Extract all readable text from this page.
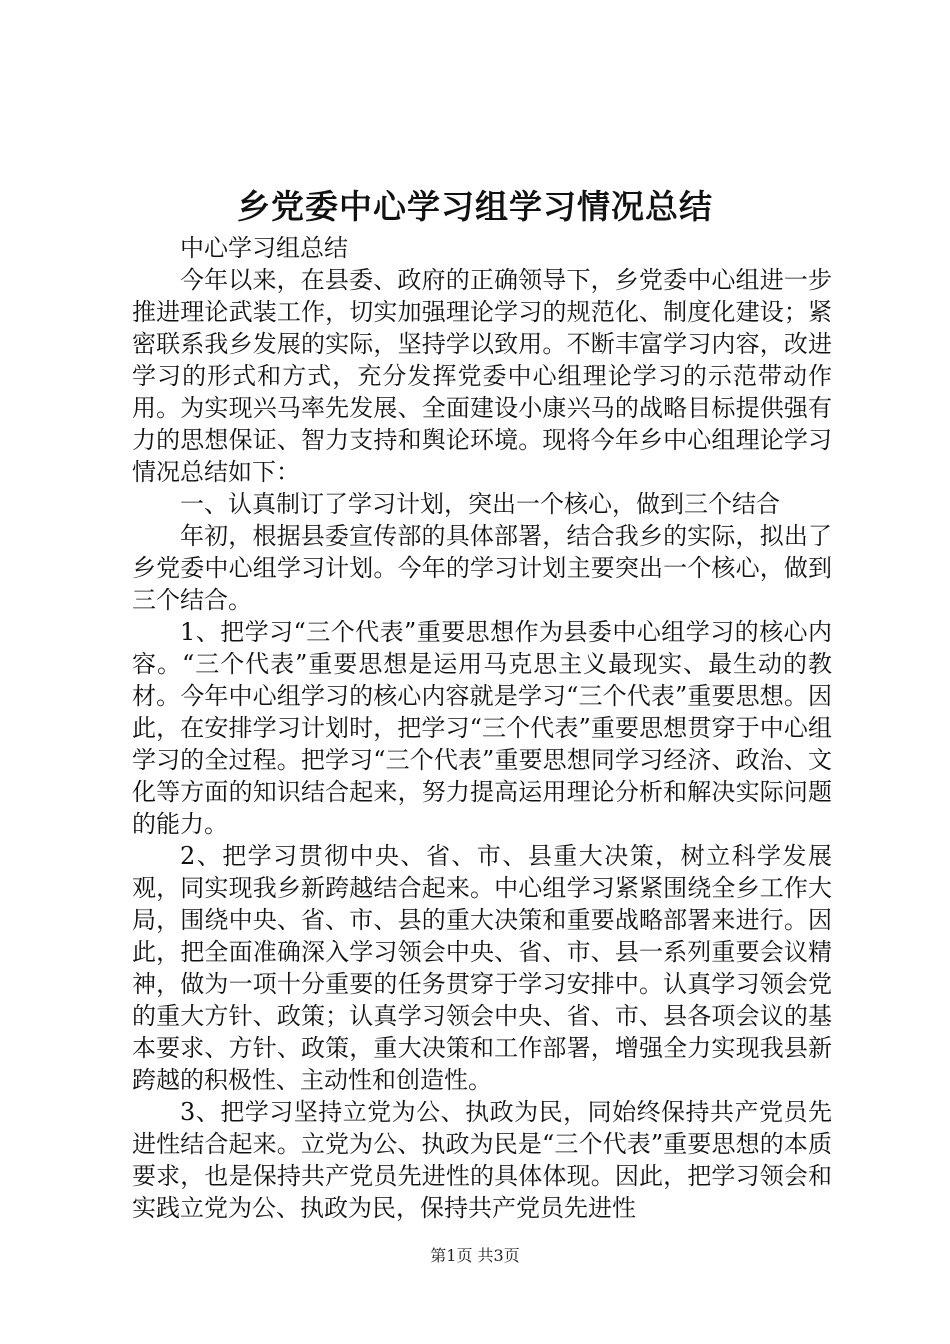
乡党委中心学习组学习情况总结

中心学习组总结

今年以来，在县委、政府的正确领导下，乡党委中心组进一步推进理论武装工作，切实加强理论学习的规范化、制度化建设；紧密联系我乡发展的实际，坚持学以致用。不断丰富学习内容，改进学习的形式和方式，充分发挥党委中心组理论学习的示范带动作用。为实现兴马率先发展、全面建设小康兴马的战略目标提供强有力的思想保证、智力支持和舆论环境。现将今年乡中心组理论学习情况总结如下：

一、认真制订了学习计划，突出一个核心，做到三个结合

年初，根据县委宣传部的具体部署，结合我乡的实际，拟出了乡党委中心组学习计划。今年的学习计划主要突出一个核心，做到三个结合。

1、把学习“三个代表”重要思想作为县委中心组学习的核心内容。“三个代表”重要思想是运用马克思主义最现实、最生动的教材。今年中心组学习的核心内容就是学习“三个代表”重要思想。因此，在安排学习计划时，把学习“三个代表”重要思想贯穿于中心组学习的全过程。把学习“三个代表”重要思想同学习经济、政治、文化等方面的知识结合起来，努力提高运用理论分析和解决实际问题的能力。

2、把学习贯彻中央、省、市、县重大决策，树立科学发展观，同实现我乡新跨越结合起来。中心组学习紧紧围绕全乡工作大局，围绕中央、省、市、县的重大决策和重要战略部署来进行。因此，把全面准确深入学习领会中央、省、市、县一系列重要会议精神，做为一项十分重要的任务贯穿于学习安排中。认真学习领会党的重大方针、政策；认真学习领会中央、省、市、县各项会议的基本要求、方针、政策，重大决策和工作部署，增强全力实现我县新跨越的积极性、主动性和创造性。

3、把学习坚持立党为公、执政为民，同始终保持共产党员先进性结合起来。立党为公、执政为民是“三个代表”重要思想的本质要求，也是保持共产党员先进性的具体体现。因此，把学习领会和实践立党为公、执政为民，保持共产党员先进性

第1页 共3页
